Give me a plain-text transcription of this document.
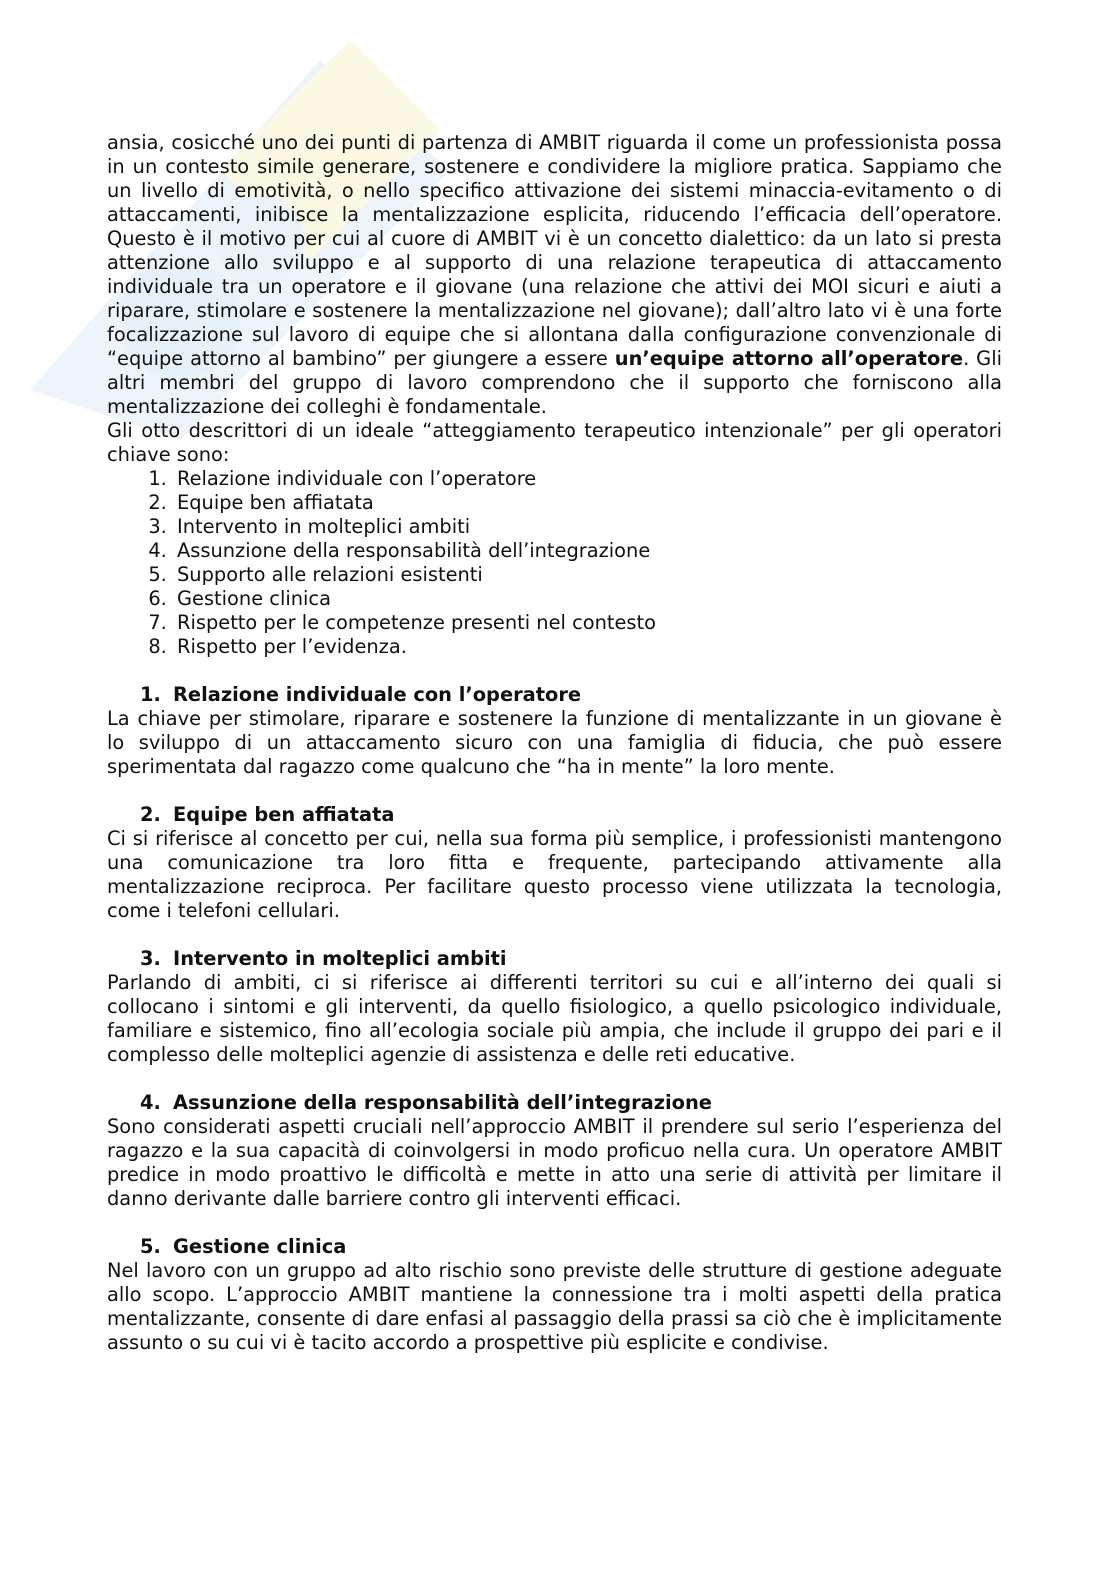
ansia, cosicché uno dei punti di partenza di AMBIT riguarda il come un professionista possa in un contesto simile generare, sostenere e condividere la migliore pratica. Sappiamo che un livello di emotività, o nello specifico attivazione dei sistemi minaccia-evitamento o di attaccamenti, inibisce la mentalizzazione esplicita, riducendo l’efficacia dell’operatore. Questo è il motivo per cui al cuore di AMBIT vi è un concetto dialettico: da un lato si presta attenzione allo sviluppo e al supporto di una relazione terapeutica di attaccamento individuale tra un operatore e il giovane (una relazione che attivi dei MOI sicuri e aiuti a riparare, stimolare e sostenere la mentalizzazione nel giovane); dall’altro lato vi è una forte focalizzazione sul lavoro di equipe che si allontana dalla configurazione convenzionale di “equipe attorno al bambino” per giungere a essere un’equipe attorno all’operatore. Gli altri membri del gruppo di lavoro comprendono che il supporto che forniscono alla mentalizzazione dei colleghi è fondamentale.

Gli otto descrittori di un ideale “atteggiamento terapeutico intenzionale” per gli operatori chiave sono:

1. Relazione individuale con l’operatore
2. Equipe ben affiatata
3. Intervento in molteplici ambiti
4. Assunzione della responsabilità dell’integrazione
5. Supporto alle relazioni esistenti
6. Gestione clinica
7. Rispetto per le competenze presenti nel contesto
8. Rispetto per l’evidenza.
1. Relazione individuale con l’operatore

La chiave per stimolare, riparare e sostenere la funzione di mentalizzante in un giovane è lo sviluppo di un attaccamento sicuro con una famiglia di fiducia, che può essere sperimentata dal ragazzo come qualcuno che “ha in mente” la loro mente.

2. Equipe ben affiatata

Ci si riferisce al concetto per cui, nella sua forma più semplice, i professionisti mantengono una comunicazione tra loro fitta e frequente, partecipando attivamente alla mentalizzazione reciproca. Per facilitare questo processo viene utilizzata la tecnologia, come i telefoni cellulari.

3. Intervento in molteplici ambiti

Parlando di ambiti, ci si riferisce ai differenti territori su cui e all’interno dei quali si collocano i sintomi e gli interventi, da quello fisiologico, a quello psicologico individuale, familiare e sistemico, fino all’ecologia sociale più ampia, che include il gruppo dei pari e il complesso delle molteplici agenzie di assistenza e delle reti educative.

4. Assunzione della responsabilità dell’integrazione

Sono considerati aspetti cruciali nell’approccio AMBIT il prendere sul serio l’esperienza del ragazzo e la sua capacità di coinvolgersi in modo proficuo nella cura. Un operatore AMBIT predice in modo proattivo le difficoltà e mette in atto una serie di attività per limitare il danno derivante dalle barriere contro gli interventi efficaci.

5. Gestione clinica

Nel lavoro con un gruppo ad alto rischio sono previste delle strutture di gestione adeguate allo scopo. L’approccio AMBIT mantiene la connessione tra i molti aspetti della pratica mentalizzante, consente di dare enfasi al passaggio della prassi sa ciò che è implicitamente assunto o su cui vi è tacito accordo a prospettive più esplicite e condivise.
